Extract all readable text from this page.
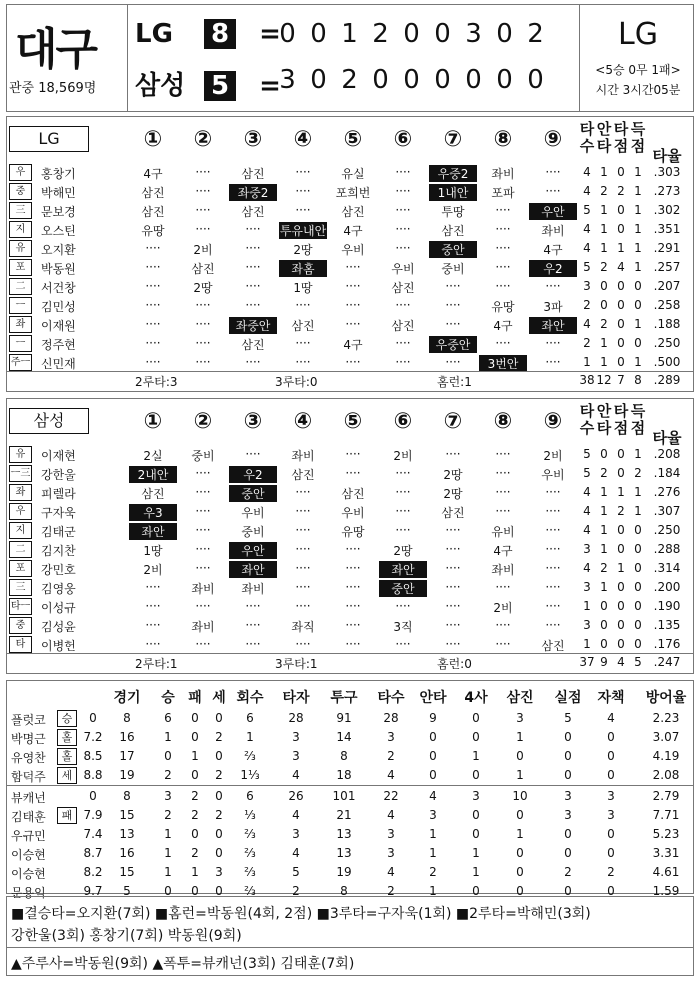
대구
관중 18,569명
LG 8 =
0 0 1 2 0 0 3 0 2
삼성 5 =
3 0 2 0 0 0 0 0 0
LG
<5승 0무 1패>
시간 3시간05분
LG	① ② ③ ④ ⑤ ⑥ ⑦ ⑧ ⑨	타수
안타
타점
득점
타율
우	홍창기	4구	····	삼진	····	유실	····	우중2	좌비	····	4 1 0 1 .303
중	박해민	삼진	····	좌중2	····	포희번	····	1내안	포파	····	4 2 2 1 .273
三	문보경	삼진	····	삼진	····	삼진	····	투땅	····	우안	5 1 0 1 .302
지	오스틴	유땅	····	····	투유내안	4구	····	삼진	····	좌비	4 1 0 1 .351
유	오지환	····	2비	····	2땅	우비	····	중안	····	4구	4 1 1 1 .291
포	박동원	····	삼진	····	좌홈	····	우비	중비	····	우2	5 2 4 1 .257
二	서건창	····	2땅	····	1땅	····	삼진	····	····	····	3 0 0 0 .207
ㅡ	김민성	····	····	····	····	····	····	····	유땅	3파	2 0 0 0 .258
좌	이재원	····	····	좌중안	삼진	····	삼진	····	4구	좌안	4 2 0 1 .188
ㅡ	정주현	····	····	삼진	····	4구	····	우중안	····	····	2 1 0 0 .250
주ㅡ 신민재	····	····	····	····	····	····	····	3번안	····	1 1 0 1 .500
2루타:3	3루타:0	홈런:1	38 12 7 8 .289
삼성	① ② ③ ④ ⑤ ⑥ ⑦ ⑧ ⑨	타수
안타
타점
득점
타율
유	이재현	2실	중비	····	좌비	····	2비	····	····	2비	5 0 0 1 .208
ㅡ三 강한울	2내안	····	우2	삼진	····	····	2땅	····	우비	5 2 0 2 .184
좌	피렐라	삼진	····	중안	····	삼진	····	2땅	····	····	4 1 1 1 .276
우	구자욱	우3	····	우비	····	우비	····	삼진	····	····	4 1 2 1 .307
지	김태군	좌안	····	중비	····	유땅	····	····	유비	····	4 1 0 0 .250
二	김지찬	1땅	····	우안	····	····	2땅	····	4구	····	3 1 0 0 .288
포	강민호	2비	····	좌안	····	····	좌안	····	좌비	····	4 2 1 0 .314
三	김영웅	····	좌비	좌비	····	····	중안	····	····	····	3 1 0 0 .200
타ㅡ 이성규	····	····	····	····	····	····	····	2비	····	1 0 0 0 .190
중	김성윤	····	좌비	····	좌직	····	3직	····	····	····	3 0 0 0 .135
타	이병헌	····	····	····	····	····	····	····	····	삼진	1 0 0 0 .176
2루타:1	3루타:1	홈런:0	37 9 4 5 .247
경기	승 패 세 회수	타자	투구	타수	안타	4사	삼진	실점	자책	방어율
플럿코	승	0	8	6	0	0	6	28	91	28	9	0	3	5	4	2.23
박명근	홀 7.2	16	1	0	2	1	3	14	3	0	0	1	0	0	3.07
유영찬	홀 8.5	17	0	1	0	⅔	3	8	2	0	1	0	0	0	4.19
함덕주	세 8.8	19	2	0	2	1⅓	4	18	4	0	0	1	0	0	2.08
뷰캐넌	0	8	3	2	0	6	26	101	22	4	3	10	3	3	2.79
김태훈	패 7.9	15	2	2	2	⅓	4	21	4	3	0	0	3	3	7.71
우규민	7.4	13	1	0	0	⅔	3	13	3	1	0	1	0	0	5.23
이승현	8.7	16	1	2	0	⅔	4	13	3	1	1	0	0	0	3.31
이승현	8.2	15	1	1	3	⅔	5	19	4	2	1	0	2	2	4.61
문용익	9.7	5	0	0	0	⅔	2	8	2	1	0	0	0	0	1.59
■결승타=오지환(7회) ■홈런=박동원(4회, 2점) ■3루타=구자욱(1회) ■2루타=박해민(3회)
강한울(3회) 홍창기(7회) 박동원(9회)
▲주루사=박동원(9회) ▲폭투=뷰캐넌(3회) 김태훈(7회)
